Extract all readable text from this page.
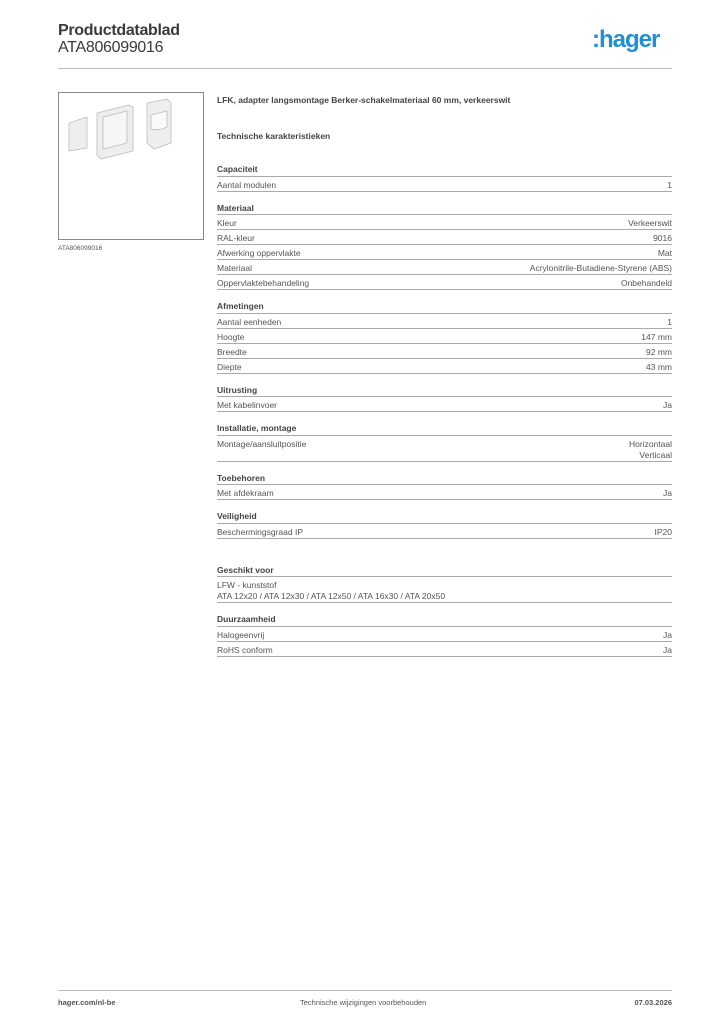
Productdatablad
ATA806099016	:hager
ATA806099016
LFK, adapter langsmontage Berker-schakelmateriaal 60 mm, verkeerswit
Technische karakteristieken
Capaciteit
Aantal modulen	1
Materiaal
Kleur	Verkeerswit
RAL-kleur	9016
Afwerking oppervlakte	Mat
Materiaal	Acrylonitrile-Butadiene-Styrene (ABS)
Oppervlaktebehandeling	Onbehandeld
Afmetingen
Aantal eenheden	1
Hoogte	147 mm
Breedte	92 mm
Diepte	43 mm
Uitrusting
Met kabelinvoer	Ja
Installatie, montage
Montage/aansluitpositie	Horizontaal
Verticaal
Toebehoren
Met afdekraam	Ja
Veiligheid
Beschermingsgraad IP	IP20
Geschikt voor
LFW - kunststof
ATA 12x20 / ATA 12x30 / ATA 12x50 / ATA 16x30 / ATA 20x50
Duurzaamheid
Halogeenvrij	Ja
RoHS conform	Ja
hager.com/nl-be	Technische wijzigingen voorbehouden	07.03.2026
